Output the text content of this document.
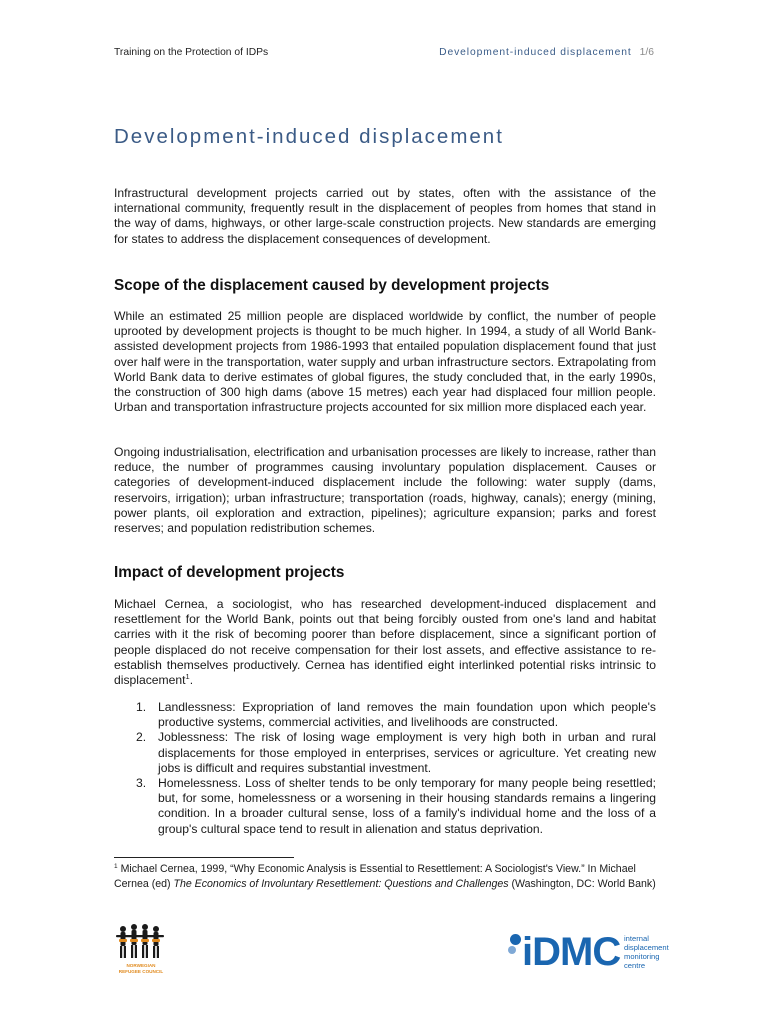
Training on the Protection of IDPs	Development-induced displacement 1/6
Development-induced displacement

Infrastructural development projects carried out by states, often with the assistance of the international community, frequently result in the displacement of peoples from homes that stand in the way of dams, highways, or other large-scale construction projects. New standards are emerging for states to address the displacement consequences of development.

Scope of the displacement caused by development projects

While an estimated 25 million people are displaced worldwide by conflict, the number of people uprooted by development projects is thought to be much higher. In 1994, a study of all World Bank-assisted development projects from 1986-1993 that entailed population displacement found that just over half were in the transportation, water supply and urban infrastructure sectors. Extrapolating from World Bank data to derive estimates of global figures, the study concluded that, in the early 1990s, the construction of 300 high dams (above 15 metres) each year had displaced four million people. Urban and transportation infrastructure projects accounted for six million more displaced each year.

Ongoing industrialisation, electrification and urbanisation processes are likely to increase, rather than reduce, the number of programmes causing involuntary population displacement. Causes or categories of development-induced displacement include the following: water supply (dams, reservoirs, irrigation); urban infrastructure; transportation (roads, highway, canals); energy (mining, power plants, oil exploration and extraction, pipelines); agriculture expansion; parks and forest reserves; and population redistribution schemes.

Impact of development projects

Michael Cernea, a sociologist, who has researched development-induced displacement and resettlement for the World Bank, points out that being forcibly ousted from one's land and habitat carries with it the risk of becoming poorer than before displacement, since a significant portion of people displaced do not receive compensation for their lost assets, and effective assistance to re-establish themselves productively. Cernea has identified eight interlinked potential risks intrinsic to displacement$^1$.

1. Landlessness: Expropriation of land removes the main foundation upon which people's productive systems, commercial activities, and livelihoods are constructed.
2. Joblessness: The risk of losing wage employment is very high both in urban and rural displacements for those employed in enterprises, services or agriculture. Yet creating new jobs is difficult and requires substantial investment.
3. Homelessness. Loss of shelter tends to be only temporary for many people being resettled; but, for some, homelessness or a worsening in their housing standards remains a lingering condition. In a broader cultural sense, loss of a family's individual home and the loss of a group's cultural space tend to result in alienation and status deprivation.

$^1$ Michael Cernea, 1999, “Why Economic Analysis is Essential to Resettlement: A Sociologist's View.” In Michael Cernea (ed) The Economics of Involuntary Resettlement: Questions and Challenges (Washington, DC: World Bank)

NORWEGIAN
REFUGEE COUNCIL	iDMC internal
displacement
monitoring
centre
